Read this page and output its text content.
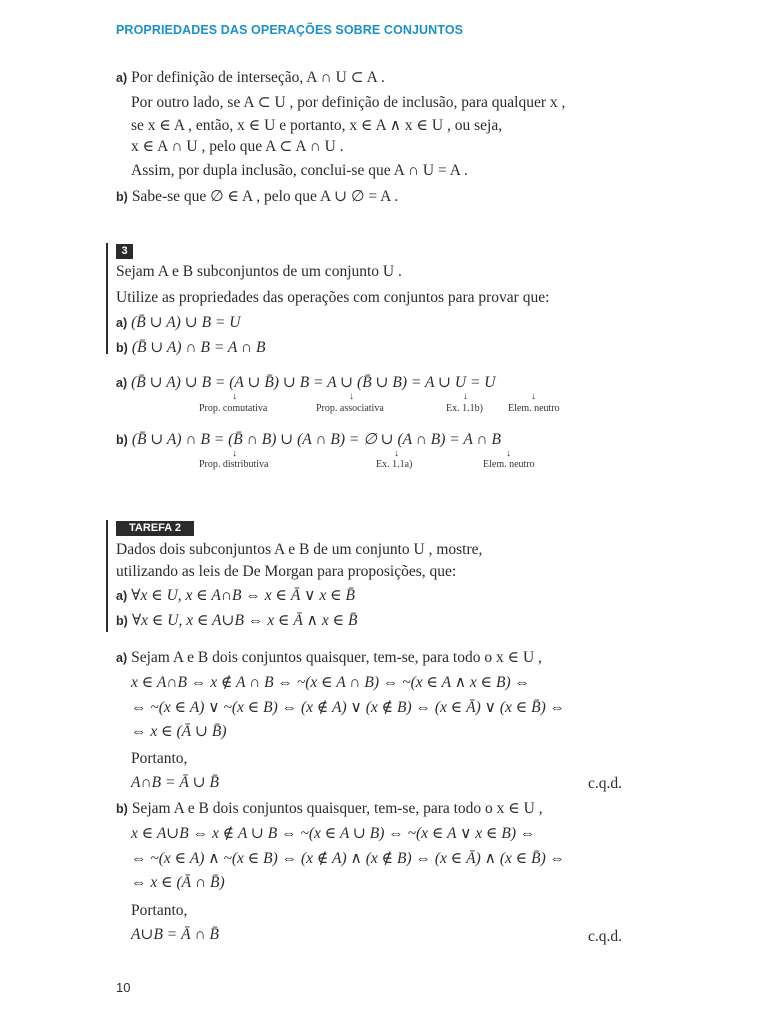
PROPRIEDADES DAS OPERAÇÕES SOBRE CONJUNTOS
a) Por definição de interseção, A ∩ U ⊂ A .
Por outro lado, se A ⊂ U , por definição de inclusão, para qualquer x ,
se x ∈ A , então, x ∈ U e portanto, x ∈ A ∧ x ∈ U , ou seja,
x ∈ A ∩ U , pelo que A ⊂ A ∩ U .
Assim, por dupla inclusão, conclui-se que A ∩ U = A .
b) Sabe-se que ∅ ∈ A , pelo que A ∪ ∅ = A .
3
Sejam A e B subconjuntos de um conjunto U .
Utilize as propriedades das operações com conjuntos para provar que:
a) (B̄ ∪ A) ∪ B = U
b) (B̄ ∪ A) ∩ B = A ∩ B
a) (B̄ ∪ A) ∪ B = (A ∪ B̄) ∪ B = A ∪ (B̄ ∪ B) = A ∪ U = U
↓	↓	↓	↓
Prop. comutativa	Prop. associativa	Ex. 1.1b)	Elem. neutro
b) (B̄ ∪ A) ∩ B = (B̄ ∩ B) ∪ (A ∩ B) = ∅ ∪ (A ∩ B) = A ∩ B
↓	↓	↓
Prop. distributiva	Ex. 1.1a)	Elem. neutro
TAREFA 2
Dados dois subconjuntos A e B de um conjunto U , mostre,
utilizando as leis de De Morgan para proposições, que:
a) ∀x ∈ U, x ∈ A∩B ⇔ x ∈ Ā ∨ x ∈ B̄
b) ∀x ∈ U, x ∈ A∪B ⇔ x ∈ Ā ∧ x ∈ B̄
a) Sejam A e B dois conjuntos quaisquer, tem-se, para todo o x ∈ U ,
x ∈ A∩B ⇔ x ∉ A ∩ B ⇔ ~(x ∈ A ∩ B) ⇔ ~(x ∈ A ∧ x ∈ B) ⇔
⇔ ~(x ∈ A) ∨ ~(x ∈ B) ⇔ (x ∉ A) ∨ (x ∉ B) ⇔ (x ∈ Ā) ∨ (x ∈ B̄) ⇔
⇔ x ∈ (Ā ∪ B̄)
Portanto,
A∩B = Ā ∪ B̄	c.q.d.
b) Sejam A e B dois conjuntos quaisquer, tem-se, para todo o x ∈ U ,
x ∈ A∪B ⇔ x ∉ A ∪ B ⇔ ~(x ∈ A ∪ B) ⇔ ~(x ∈ A ∨ x ∈ B) ⇔
⇔ ~(x ∈ A) ∧ ~(x ∈ B) ⇔ (x ∉ A) ∧ (x ∉ B) ⇔ (x ∈ Ā) ∧ (x ∈ B̄) ⇔
⇔ x ∈ (Ā ∩ B̄)
Portanto,
A∪B = Ā ∩ B̄	c.q.d.
10
